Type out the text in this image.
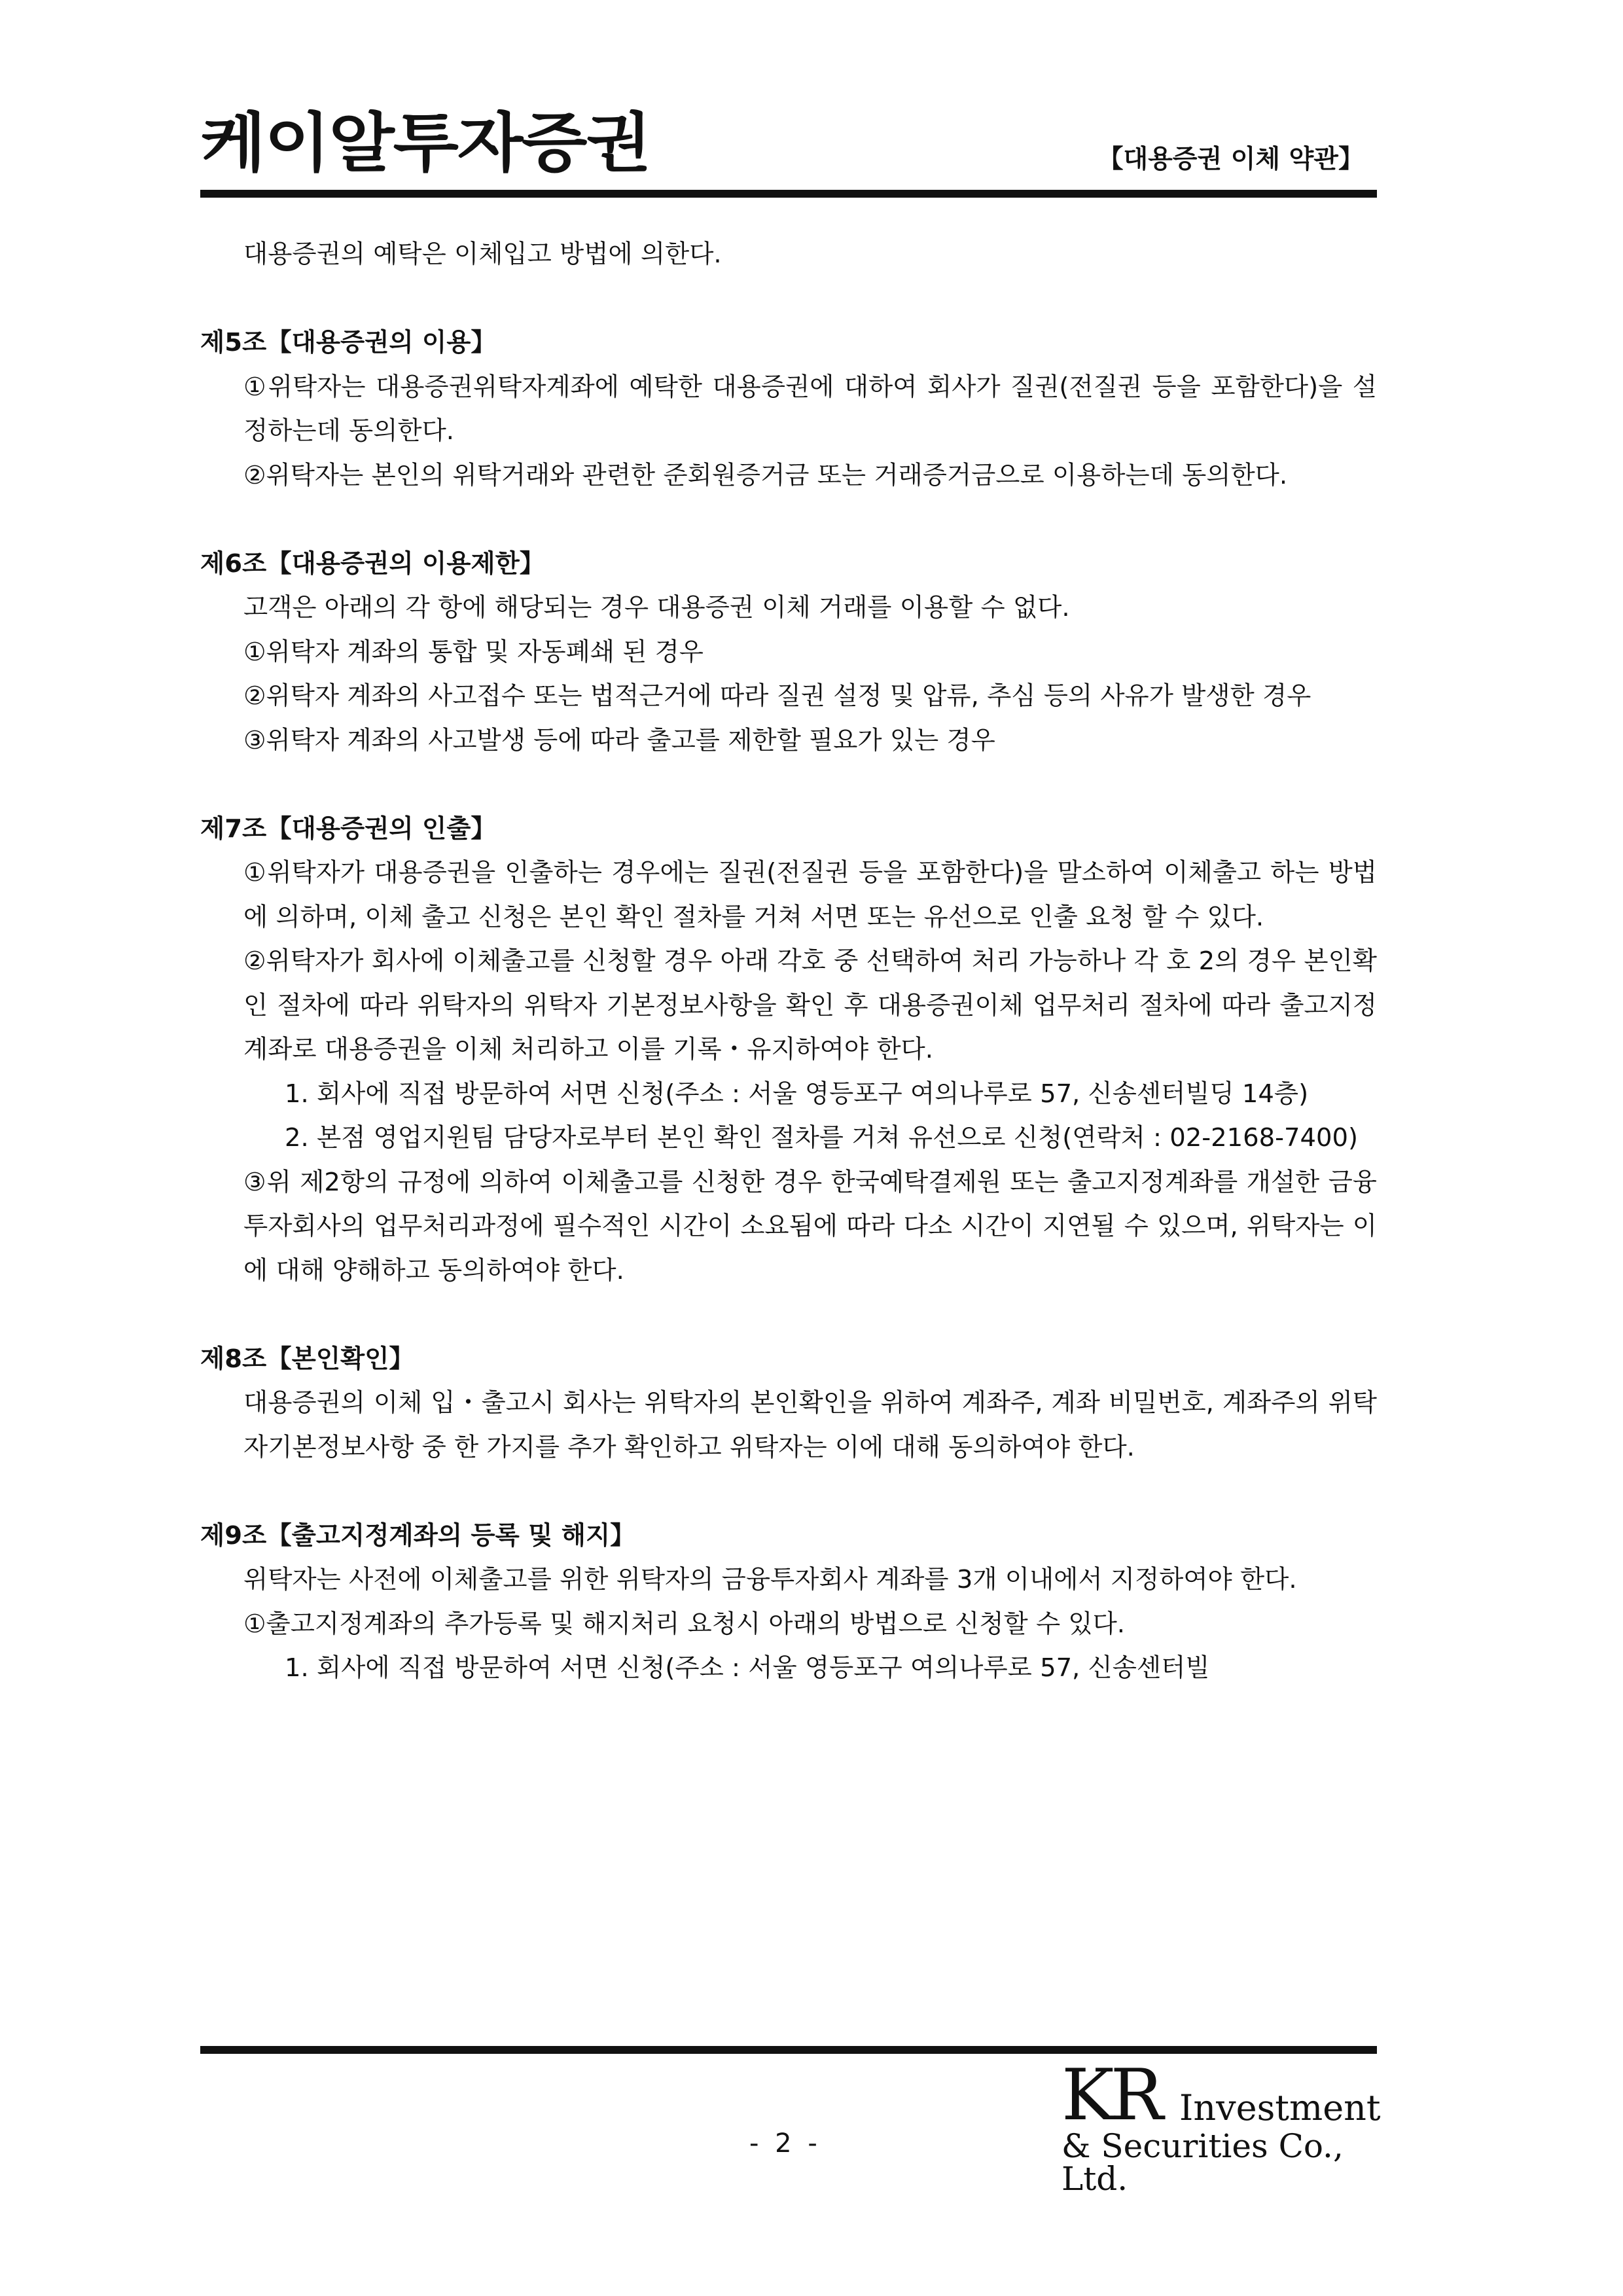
케이알투자증권	【대용증권 이체 약관】

대용증권의 예탁은 이체입고 방법에 의한다.

제5조【대용증권의 이용】

①위탁자는 대용증권위탁자계좌에 예탁한 대용증권에 대하여 회사가 질권(전질권 등을 포함한다)을 설정하는데 동의한다.

②위탁자는 본인의 위탁거래와 관련한 준회원증거금 또는 거래증거금으로 이용하는데 동의한다.

제6조【대용증권의 이용제한】

고객은 아래의 각 항에 해당되는 경우 대용증권 이체 거래를 이용할 수 없다.

①위탁자 계좌의 통합 및 자동폐쇄 된 경우

②위탁자 계좌의 사고접수 또는 법적근거에 따라 질권 설정 및 압류, 추심 등의 사유가 발생한 경우

③위탁자 계좌의 사고발생 등에 따라 출고를 제한할 필요가 있는 경우

제7조【대용증권의 인출】

①위탁자가 대용증권을 인출하는 경우에는 질권(전질권 등을 포함한다)을 말소하여 이체출고 하는 방법에 의하며, 이체 출고 신청은 본인 확인 절차를 거쳐 서면 또는 유선으로 인출 요청 할 수 있다.

②위탁자가 회사에 이체출고를 신청할 경우 아래 각호 중 선택하여 처리 가능하나 각 호 2의 경우 본인확인 절차에 따라 위탁자의 위탁자 기본정보사항을 확인 후 대용증권이체 업무처리 절차에 따라 출고지정계좌로 대용증권을 이체 처리하고 이를 기록・유지하여야 한다.

1. 회사에 직접 방문하여 서면 신청(주소 : 서울 영등포구 여의나루로 57, 신송센터빌딩 14층)

2. 본점 영업지원팀 담당자로부터 본인 확인 절차를 거쳐 유선으로 신청(연락처 : 02-2168-7400)

③위 제2항의 규정에 의하여 이체출고를 신청한 경우 한국예탁결제원 또는 출고지정계좌를 개설한 금융투자회사의 업무처리과정에 필수적인 시간이 소요됨에 따라 다소 시간이 지연될 수 있으며, 위탁자는 이에 대해 양해하고 동의하여야 한다.

제8조【본인확인】

대용증권의 이체 입・출고시 회사는 위탁자의 본인확인을 위하여 계좌주, 계좌 비밀번호, 계좌주의 위탁자기본정보사항 중 한 가지를 추가 확인하고 위탁자는 이에 대해 동의하여야 한다.

제9조【출고지정계좌의 등록 및 해지】

위탁자는 사전에 이체출고를 위한 위탁자의 금융투자회사 계좌를 3개 이내에서 지정하여야 한다.

①출고지정계좌의 추가등록 및 해지처리 요청시 아래의 방법으로 신청할 수 있다.

1. 회사에 직접 방문하여 서면 신청(주소 : 서울 영등포구 여의나루로 57, 신송센터빌

- 2 -
KR Investment
& Securities Co., Ltd.
